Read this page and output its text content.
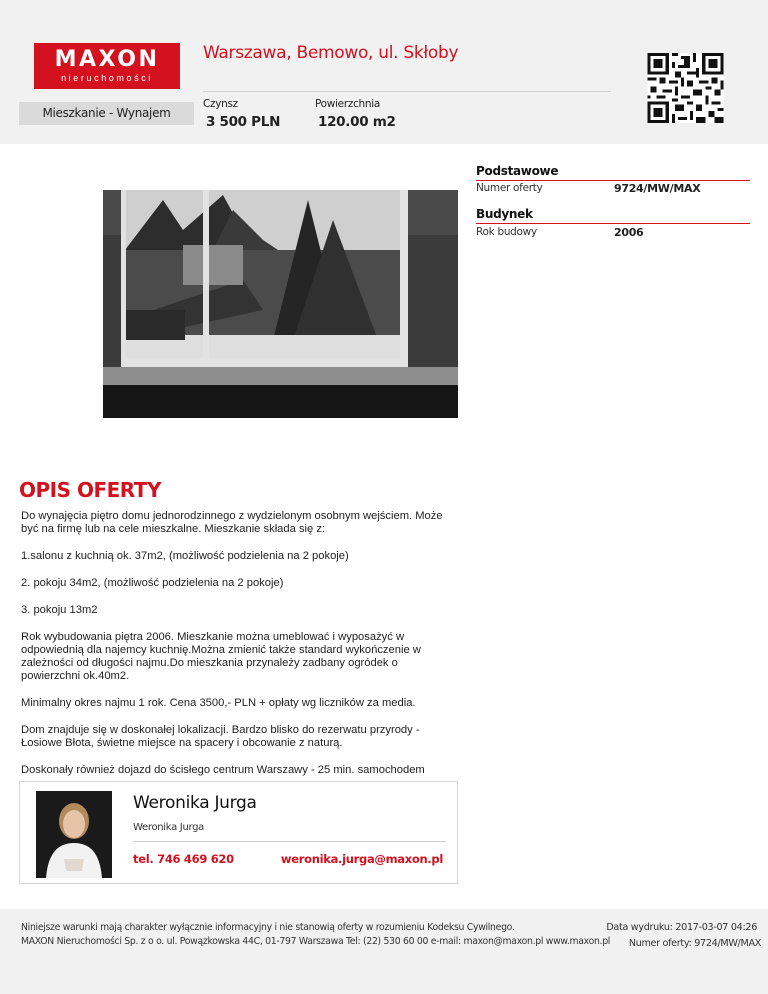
MAXON
nieruchomości
Mieszkanie - Wynajem
Warszawa, Bemowo, ul. Skłoby
Czynsz
3 500 PLN
Powierzchnia
120.00 m2
Podstawowe
Numer oferty	9724/MW/MAX
Budynek
Rok budowy	2006
OPIS OFERTY

Do wynajęcia piętro domu jednorodzinnego z wydzielonym osobnym wejściem. Może być na firmę lub na cele mieszkalne. Mieszkanie składa się z:

1.salonu z kuchnią ok. 37m2, (możliwość podzielenia na 2 pokoje)

2. pokoju 34m2, (możliwość podzielenia na 2 pokoje)

3. pokoju 13m2

Rok wybudowania piętra 2006. Mieszkanie można umeblować i wyposażyć w odpowiednią dla najemcy kuchnię.Można zmienić także standard wykończenie w zależności od długości najmu.Do mieszkania przynależy zadbany ogródek o powierzchni ok.40m2.

Minimalny okres najmu 1 rok. Cena 3500,- PLN + opłaty wg liczników za media.

Dom znajduje się w doskonałej lokalizacji. Bardzo blisko do rezerwatu przyrody - Łosiowe Błota, świetne miejsce na spacery i obcowanie z naturą.

Doskonały również dojazd do ścisłego centrum Warszawy - 25 min. samochodem

Weronika Jurga
Weronika Jurga
tel. 746 469 620	weronika.jurga@maxon.pl
Niniejsze warunki mają charakter wyłącznie informacyjny i nie stanowią oferty w rozumieniu Kodeksu Cywilnego.
MAXON Nieruchomości Sp. z o o. ul. Powązkowska 44C, 01-797 Warszawa Tel: (22) 530 60 00 e-mail: maxon@maxon.pl www.maxon.pl
Data wydruku: 2017-03-07 04:26
Numer oferty: 9724/MW/MAX
